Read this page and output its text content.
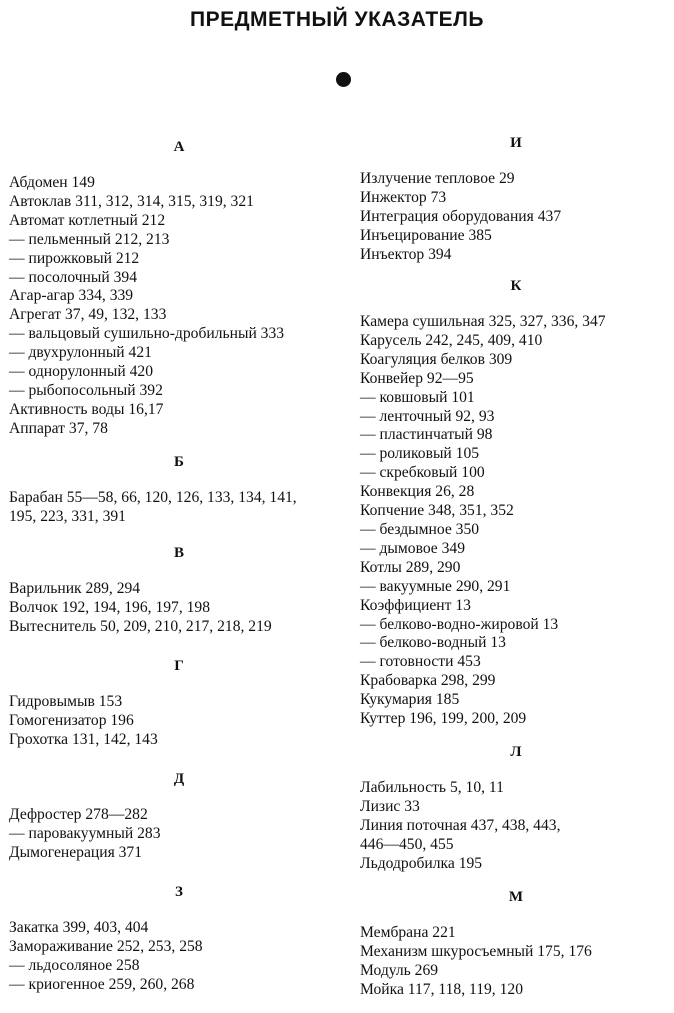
ПРЕДМЕТНЫЙ УКАЗАТЕЛЬ
А
Абдомен 149
Автоклав 311, 312, 314, 315, 319, 321
Автомат котлетный 212
— пельменный 212, 213
— пирожковый 212
— посолочный 394
Агар-агар 334, 339
Агрегат 37, 49, 132, 133
— вальцовый сушильно-дробильный 333
— двухрулонный 421
— однорулонный 420
— рыбопосольный 392
Активность воды 16,17
Аппарат 37, 78
Б
Барабан 55—58, 66, 120, 126, 133, 134, 141,
195, 223, 331, 391
В
Варильник 289, 294
Волчок 192, 194, 196, 197, 198
Вытеснитель 50, 209, 210, 217, 218, 219
Г
Гидровымыв 153
Гомогенизатор 196
Грохотка 131, 142, 143
Д
Дефростер 278—282
— паровакуумный 283
Дымогенерация 371
З
Закатка 399, 403, 404
Замораживание 252, 253, 258
— льдосоляное 258
— криогенное 259, 260, 268
И
Излучение тепловое 29
Инжектор 73
Интеграция оборудования 437
Инъецирование 385
Инъектор 394
К
Камера сушильная 325, 327, 336, 347
Карусель 242, 245, 409, 410
Коагуляция белков 309
Конвейер 92—95
— ковшовый 101
— ленточный 92, 93
— пластинчатый 98
— роликовый 105
— скребковый 100
Конвекция 26, 28
Копчение 348, 351, 352
— бездымное 350
— дымовое 349
Котлы 289, 290
— вакуумные 290, 291
Коэффициент 13
— белково-водно-жировой 13
— белково-водный 13
— готовности 453
Крабоварка 298, 299
Кукумария 185
Куттер 196, 199, 200, 209
Л
Лабильность 5, 10, 11
Лизис 33
Линия поточная 437, 438, 443,
446—450, 455
Льдодробилка 195
М
Мембрана 221
Механизм шкуросъемный 175, 176
Модуль 269
Мойка 117, 118, 119, 120
